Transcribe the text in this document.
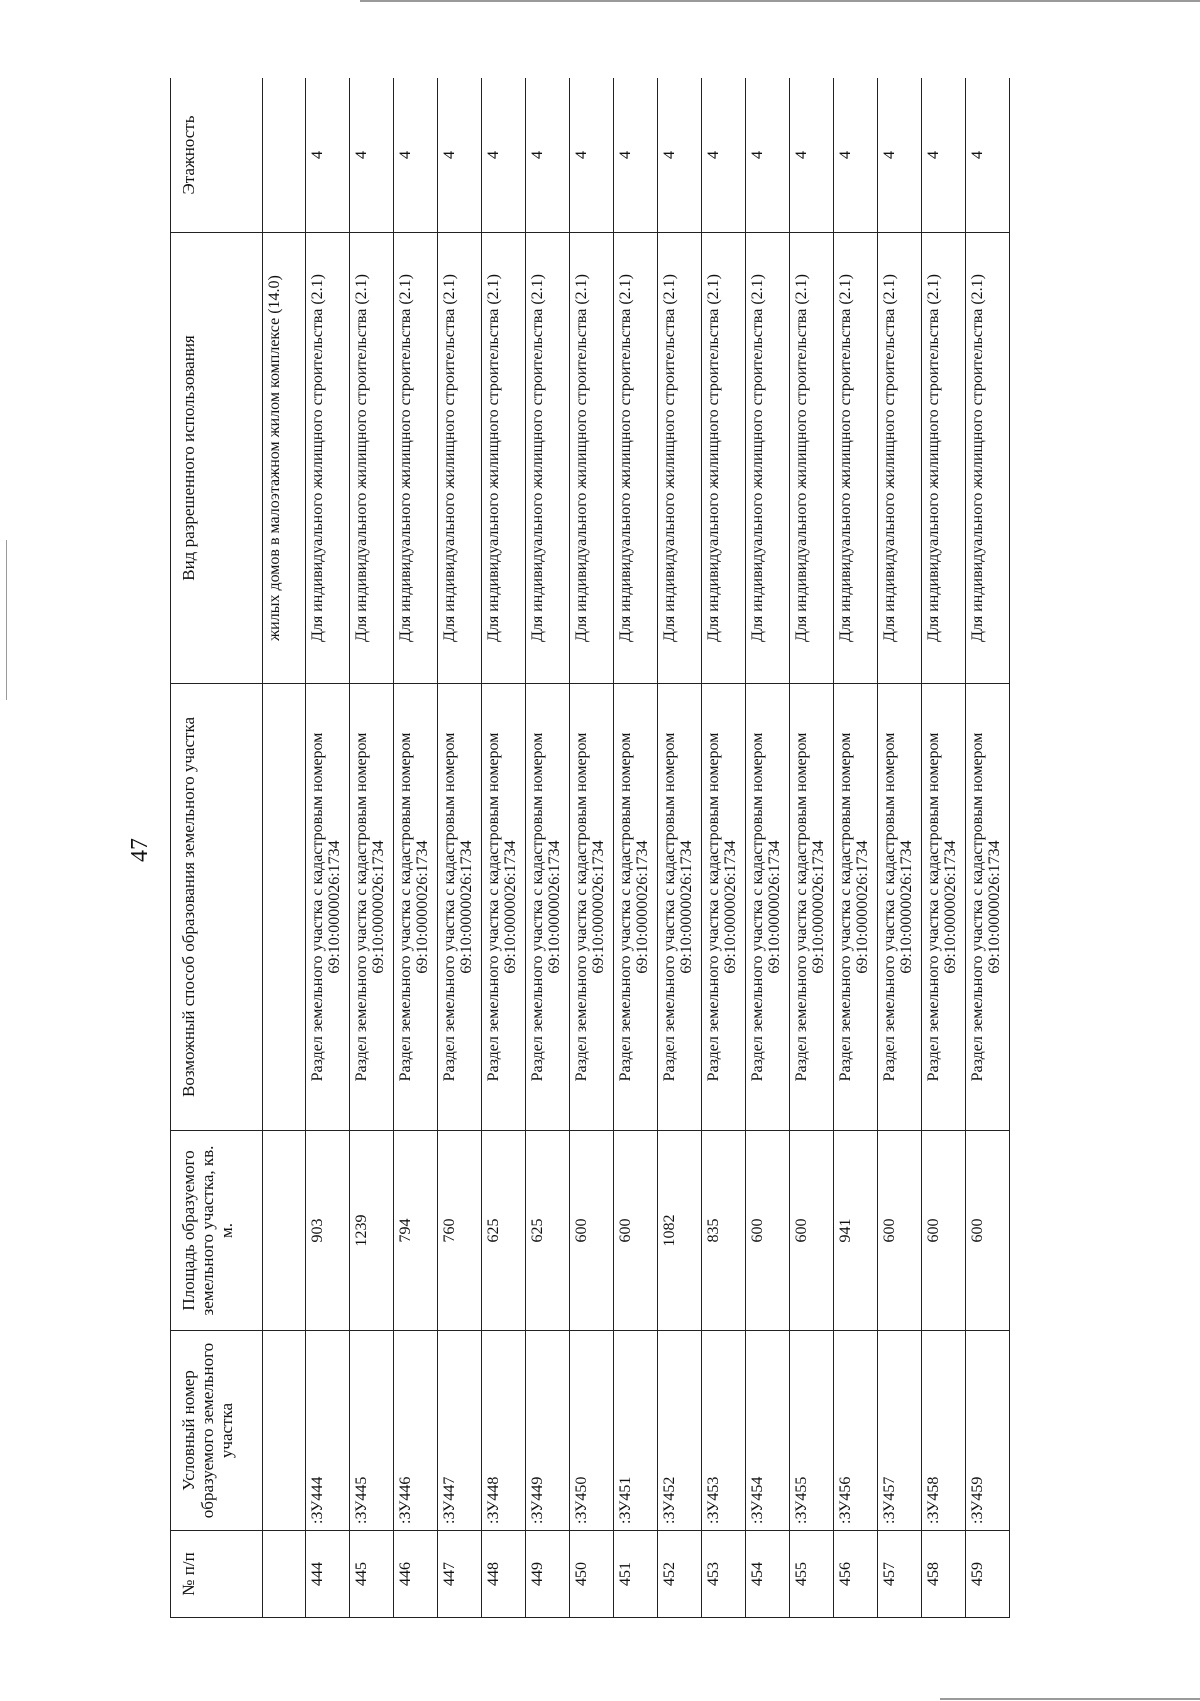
47
№ п/п	Условный номер образуемого земельного участка	Площадь образуемого земельного участка, кв. м.	Возможный способ образования земельного участка	Вид разрешенного использования	Этажность
				жилых домов в малоэтажном жилом комплексе (14.0)	
444	:ЗУ444	903	Раздел земельного участка с кадастровым номером 69:10:0000026:1734	Для индивидуального жилищного строительства (2.1)	4
445	:ЗУ445	1239	Раздел земельного участка с кадастровым номером 69:10:0000026:1734	Для индивидуального жилищного строительства (2.1)	4
446	:ЗУ446	794	Раздел земельного участка с кадастровым номером 69:10:0000026:1734	Для индивидуального жилищного строительства (2.1)	4
447	:ЗУ447	760	Раздел земельного участка с кадастровым номером 69:10:0000026:1734	Для индивидуального жилищного строительства (2.1)	4
448	:ЗУ448	625	Раздел земельного участка с кадастровым номером 69:10:0000026:1734	Для индивидуального жилищного строительства (2.1)	4
449	:ЗУ449	625	Раздел земельного участка с кадастровым номером 69:10:0000026:1734	Для индивидуального жилищного строительства (2.1)	4
450	:ЗУ450	600	Раздел земельного участка с кадастровым номером 69:10:0000026:1734	Для индивидуального жилищного строительства (2.1)	4
451	:ЗУ451	600	Раздел земельного участка с кадастровым номером 69:10:0000026:1734	Для индивидуального жилищного строительства (2.1)	4
452	:ЗУ452	1082	Раздел земельного участка с кадастровым номером 69:10:0000026:1734	Для индивидуального жилищного строительства (2.1)	4
453	:ЗУ453	835	Раздел земельного участка с кадастровым номером 69:10:0000026:1734	Для индивидуального жилищного строительства (2.1)	4
454	:ЗУ454	600	Раздел земельного участка с кадастровым номером 69:10:0000026:1734	Для индивидуального жилищного строительства (2.1)	4
455	:ЗУ455	600	Раздел земельного участка с кадастровым номером 69:10:0000026:1734	Для индивидуального жилищного строительства (2.1)	4
456	:ЗУ456	941	Раздел земельного участка с кадастровым номером 69:10:0000026:1734	Для индивидуального жилищного строительства (2.1)	4
457	:ЗУ457	600	Раздел земельного участка с кадастровым номером 69:10:0000026:1734	Для индивидуального жилищного строительства (2.1)	4
458	:ЗУ458	600	Раздел земельного участка с кадастровым номером 69:10:0000026:1734	Для индивидуального жилищного строительства (2.1)	4
459	:ЗУ459	600	Раздел земельного участка с кадастровым номером 69:10:0000026:1734	Для индивидуального жилищного строительства (2.1)	4
